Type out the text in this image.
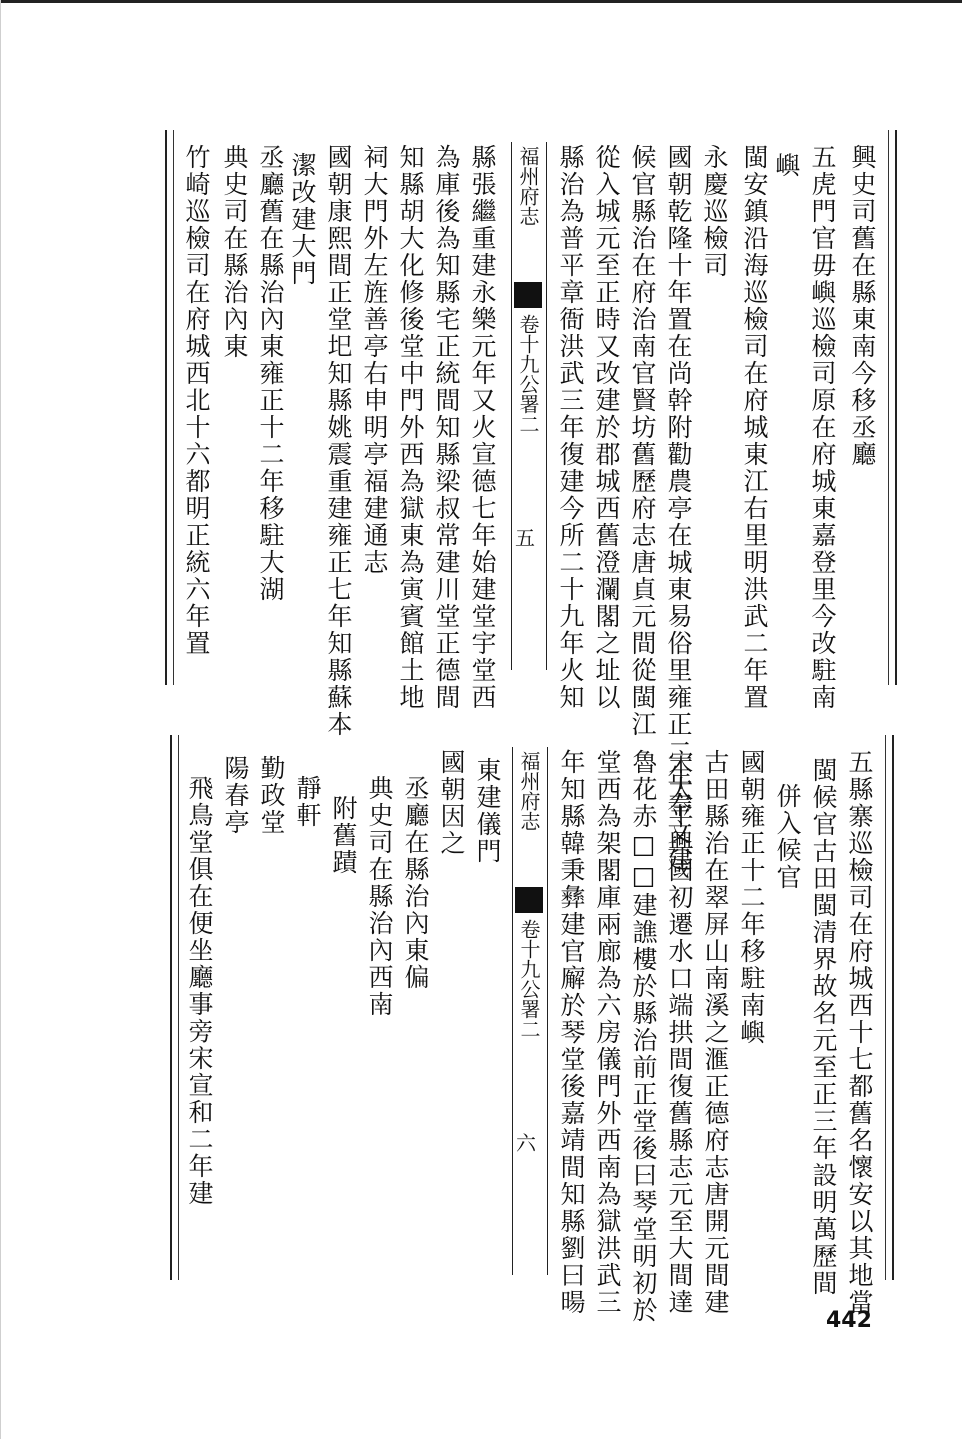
興史司舊在縣東南今移丞廳
五虎門官毋嶼巡檢司原在府城東嘉登里今改駐南
嶼
閩安鎮沿海巡檢司在府城東江右里明洪武二年置
永慶巡檢司
國朝乾隆十年置在尚幹附勸農亭在城東易俗里雍正二年奉文建
候官縣治在府治南官賢坊舊歷府志唐貞元間從閩江
從入城元至正時又改建於郡城西舊澄瀾閣之址以
縣治為普平章衙洪武三年復建今所二十九年火知
福州府志
卷十九公署二
五
縣張繼重建永樂元年又火宣德七年始建堂宇堂西
為庫後為知縣宅正統間知縣梁叔常建川堂正德間
知縣胡大化修後堂中門外西為獄東為寅賓館土地
祠大門外左旌善亭右申明亭福建通志
國朝康熙間正堂圯知縣姚震重建雍正七年知縣蘇本
潔改建大門
丞廳舊在縣治內東雍正十二年移駐大湖
典史司在縣治內東
竹崎巡檢司在府城西北十六都明正統六年置
五縣寨巡檢司在府城西十七都舊名懷安以其地當
閩候官古田閩清界故名元至正三年設明萬歷間
併入候官
國朝雍正十二年移駐南嶼
古田縣治在翠屏山南溪之滙正德府志唐開元間建
宋太平興國初遷水口端拱間復舊縣志元至大間達
魯花赤□□建譙樓於縣治前正堂後曰琴堂明初於
堂西為架閣庫兩廊為六房儀門外西南為獄洪武三
年知縣韓秉彝建官廨於琴堂後嘉靖間知縣劉曰暘
福州府志
卷十九公署二
六
東建儀門
國朝因之
丞廳在縣治內東偏
典史司在縣治內西南
附舊蹟
靜軒
勤政堂
陽春亭
飛鳥堂俱在便坐廳事旁宋宣和二年建
442
